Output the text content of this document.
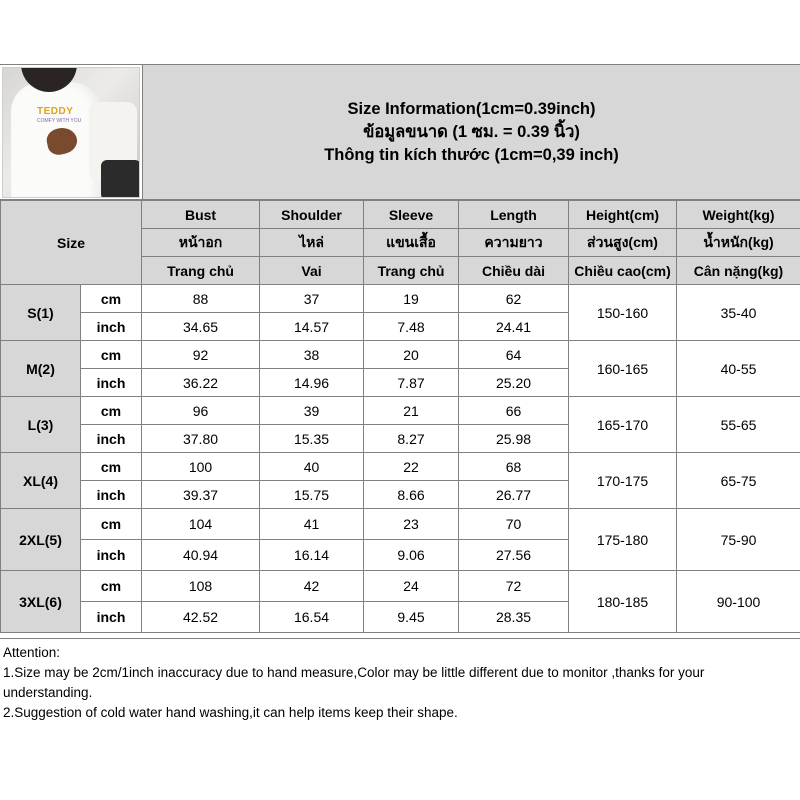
TEDDY
COMFY WITH YOU
Size Information(1cm=0.39inch)
ข้อมูลขนาด (1 ซม. = 0.39 นิ้ว)
Thông tin kích thước (1cm=0,39 inch)
Size		Bust	Shoulder	Sleeve	Length	Height(cm)	Weight(kg)
		หน้าอก	ไหล่	แขนเสื้อ	ความยาว	ส่วนสูง(cm)	น้ำหนัก(kg)
		Trang chủ	Vai	Trang chủ	Chiều dài	Chiều cao(cm)	Cân nặng(kg)
S(1)	cm	88	37	19	62	150-160	35-40
	inch	34.65	14.57	7.48	24.41		
M(2)	cm	92	38	20	64	160-165	40-55
	inch	36.22	14.96	7.87	25.20		
L(3)	cm	96	39	21	66	165-170	55-65
	inch	37.80	15.35	8.27	25.98		
XL(4)	cm	100	40	22	68	170-175	65-75
	inch	39.37	15.75	8.66	26.77		
2XL(5)	cm	104	41	23	70	175-180	75-90
	inch	40.94	16.14	9.06	27.56		
3XL(6)	cm	108	42	24	72	180-185	90-100
	inch	42.52	16.54	9.45	28.35		
Attention:
1.Size may be 2cm/1inch inaccuracy due to hand measure,Color may be little different due to monitor ,thanks for your understanding.
2.Suggestion of cold water hand washing,it can help items keep their shape.
